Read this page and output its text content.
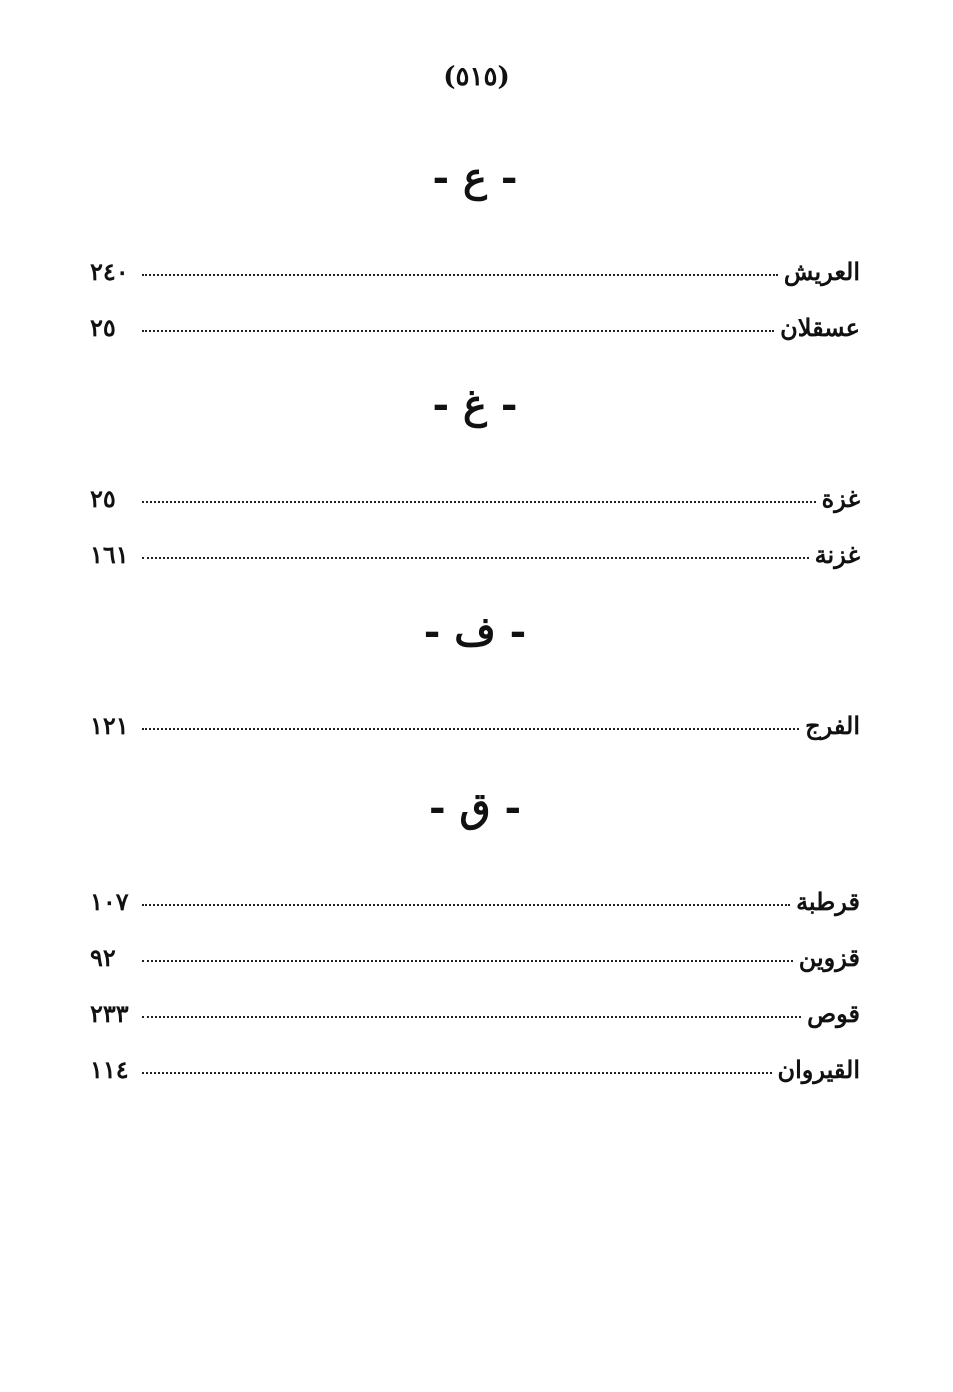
(٥١٥)
- ع -
العريش
٢٤٠
عسقلان
٢٥
- غ -
غزة
٢٥
غزنة
١٦١
- ف -
الفرج
١٢١
- ق -
قرطبة
١٠٧
قزوين
٩٢
قوص
٢٣٣
القيروان
١١٤
